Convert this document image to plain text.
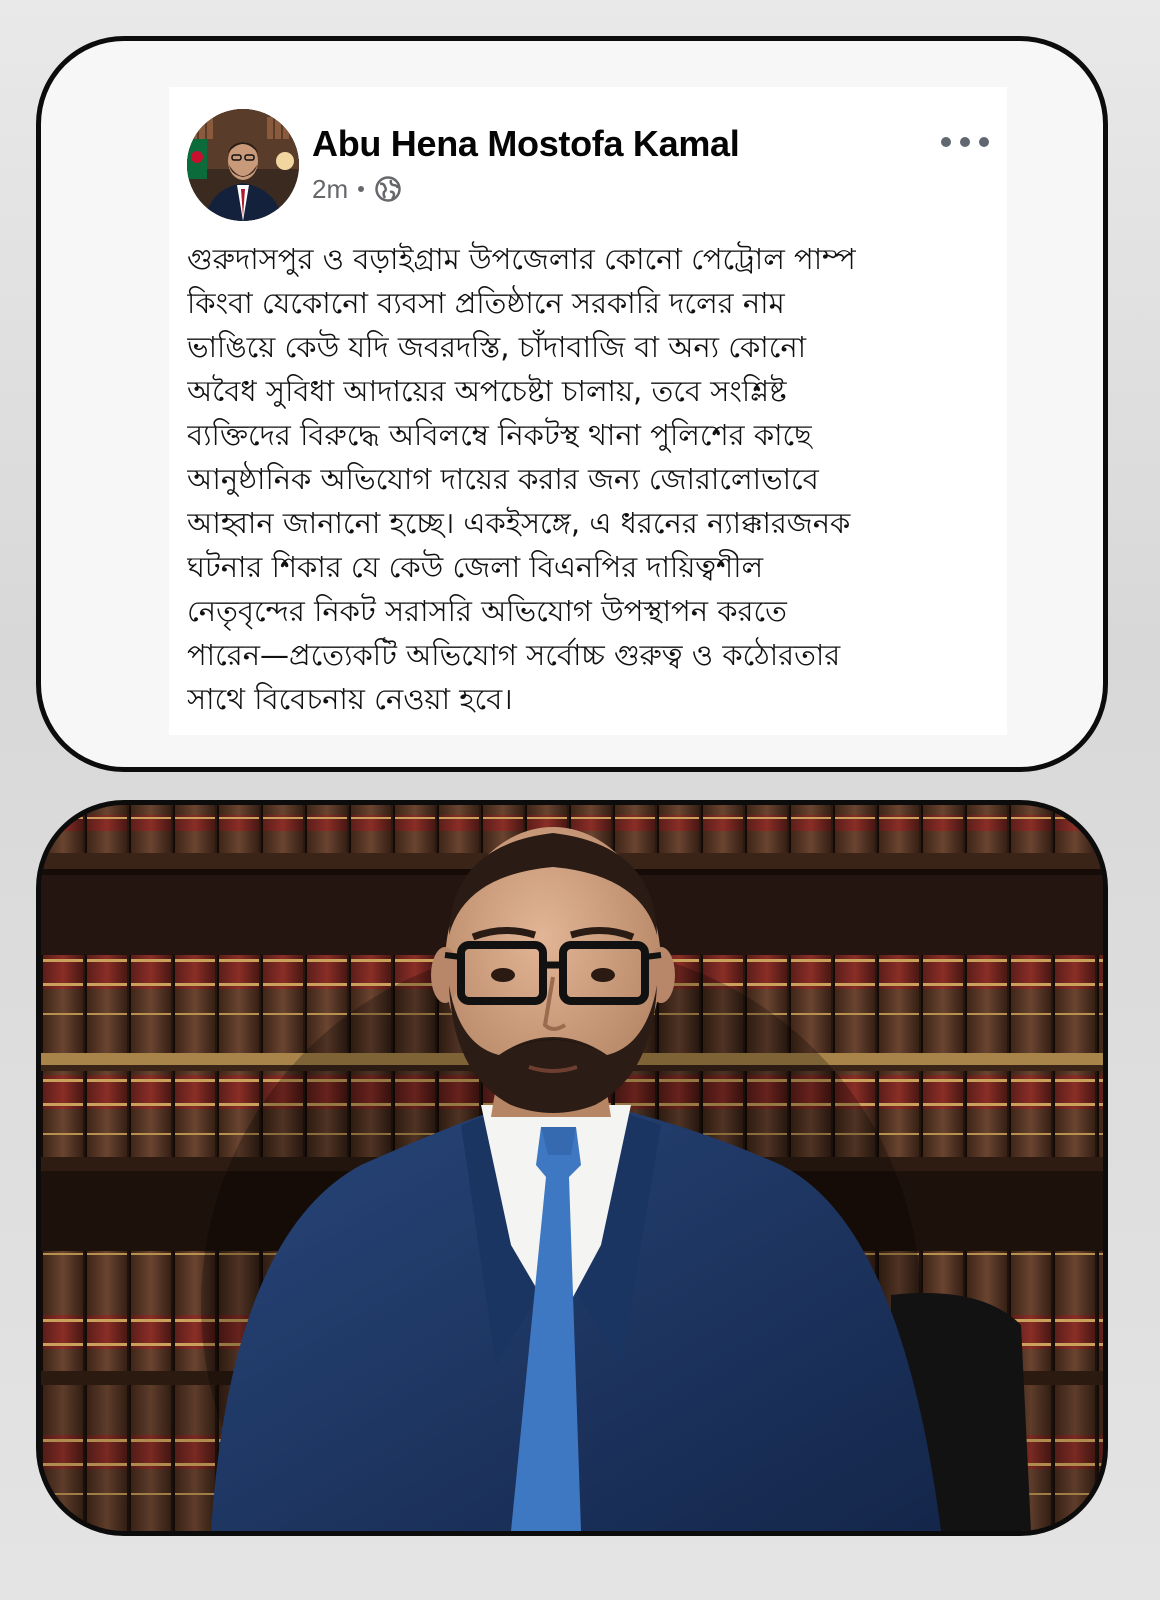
Abu Hena Mostofa Kamal
2m

গুরুদাসপুর ও বড়াইগ্রাম উপজেলার কোনো পেট্রোল পাম্প
কিংবা যেকোনো ব্যবসা প্রতিষ্ঠানে সরকারি দলের নাম
ভাঙিয়ে কেউ যদি জবরদস্তি, চাঁদাবাজি বা অন্য কোনো
অবৈধ সুবিধা আদায়ের অপচেষ্টা চালায়, তবে সংশ্লিষ্ট
ব্যক্তিদের বিরুদ্ধে অবিলম্বে নিকটস্থ থানা পুলিশের কাছে
আনুষ্ঠানিক অভিযোগ দায়ের করার জন্য জোরালোভাবে
আহ্বান জানানো হচ্ছে। একইসঙ্গে, এ ধরনের ন্যাক্কারজনক
ঘটনার শিকার যে কেউ জেলা বিএনপির দায়িত্বশীল
নেতৃবৃন্দের নিকট সরাসরি অভিযোগ উপস্থাপন করতে
পারেন—প্রত্যেকটি অভিযোগ সর্বোচ্চ গুরুত্ব ও কঠোরতার
সাথে বিবেচনায় নেওয়া হবে।
